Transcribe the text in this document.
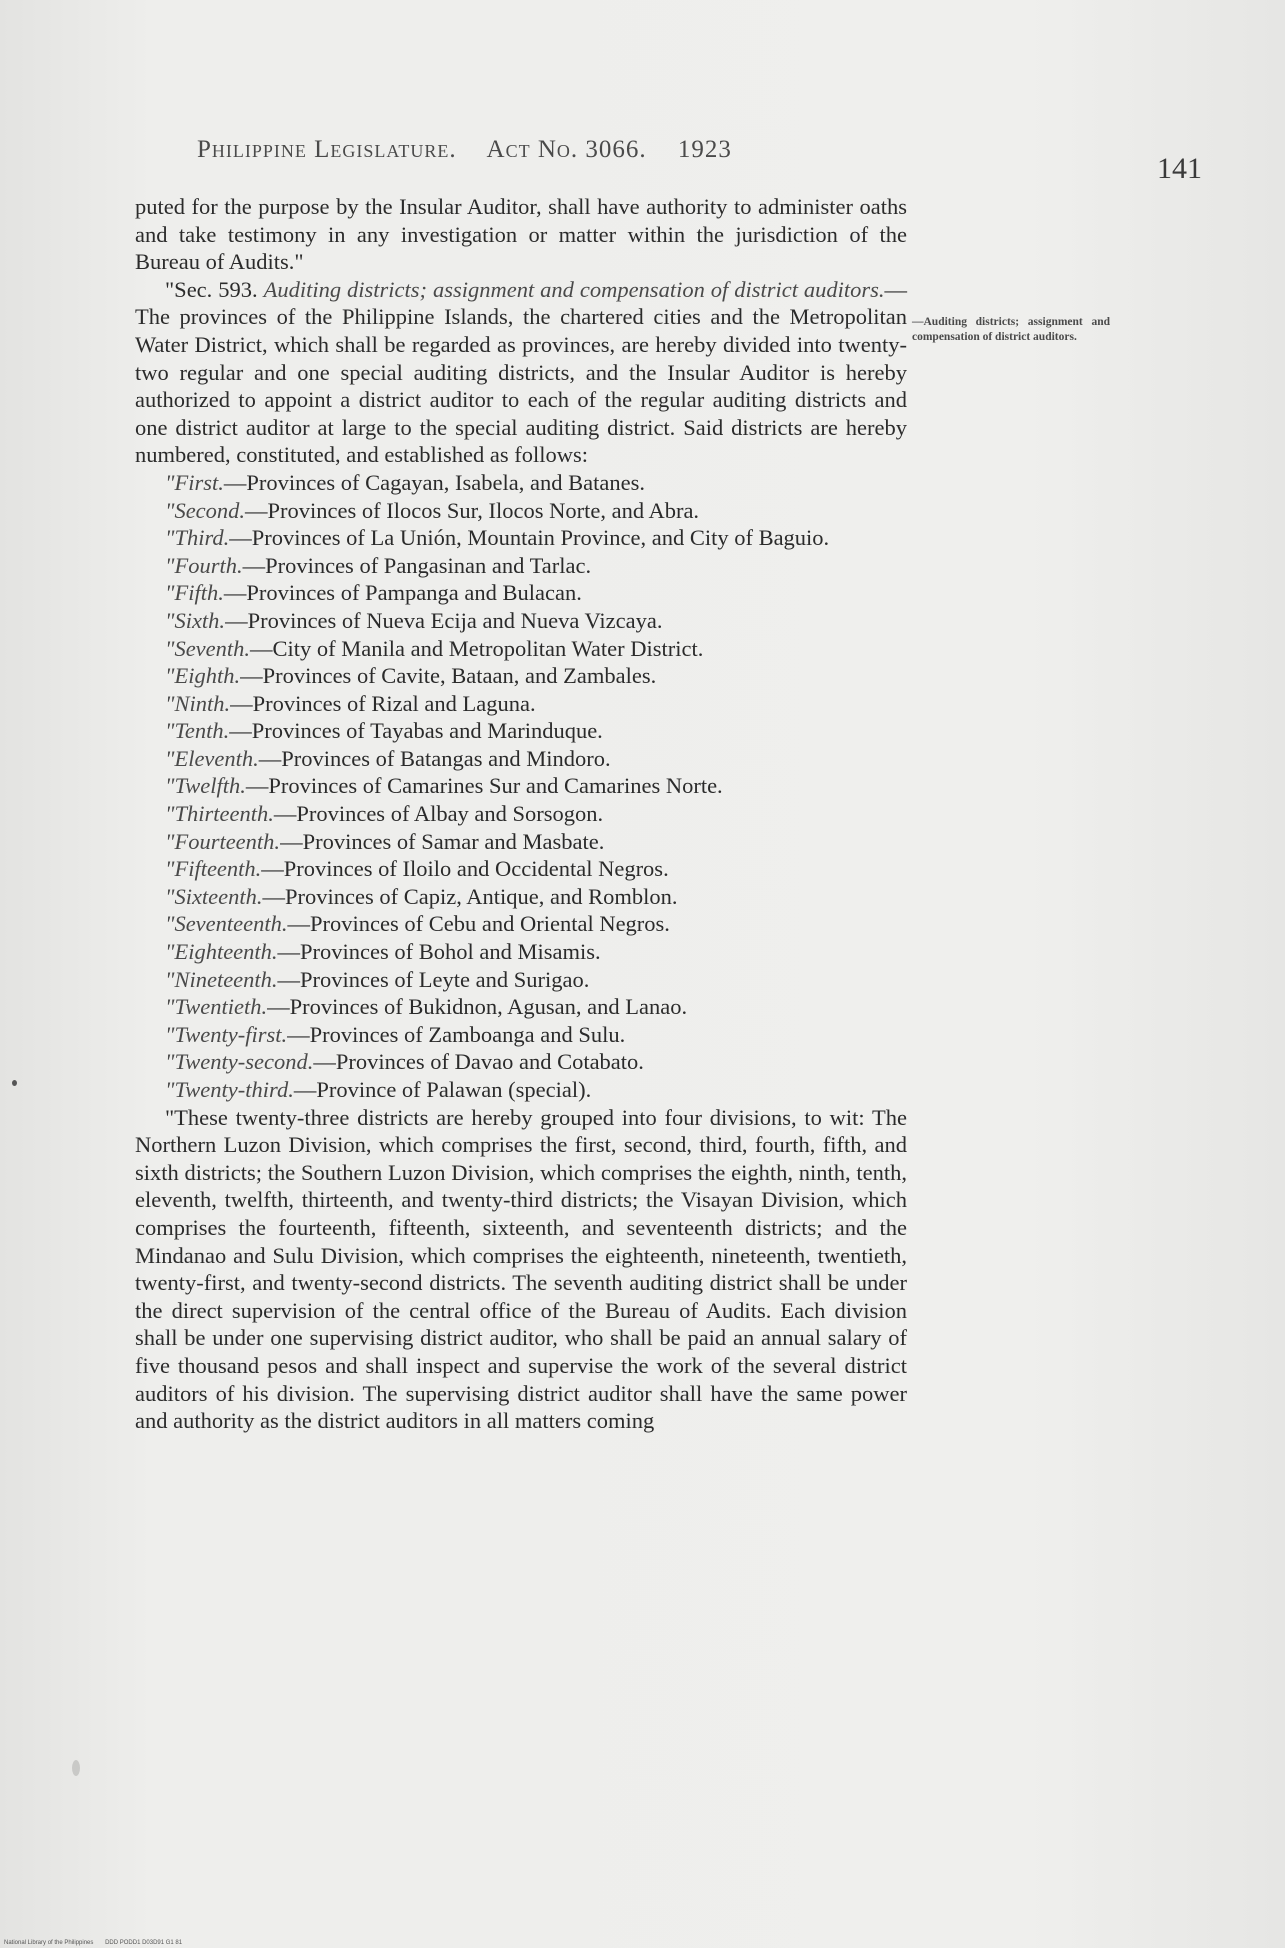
Philippine Legislature. Act No. 3066. 1923
141

puted for the purpose by the Insular Auditor, shall have authority to administer oaths and take testimony in any investigation or matter within the jurisdiction of the Bureau of Audits."

"Sec. 593. Auditing districts; assignment and compensation of district auditors.—The provinces of the Philippine Islands, the chartered cities and the Metropolitan Water District, which shall be regarded as provinces, are hereby divided into twenty-two regular and one special auditing districts, and the Insular Auditor is hereby authorized to appoint a district auditor to each of the regular auditing districts and one district auditor at large to the special auditing district. Said districts are hereby numbered, constituted, and established as follows:

"First.—Provinces of Cagayan, Isabela, and Batanes.

"Second.—Provinces of Ilocos Sur, Ilocos Norte, and Abra.

"Third.—Provinces of La Unión, Mountain Province, and City of Baguio.

"Fourth.—Provinces of Pangasinan and Tarlac.

"Fifth.—Provinces of Pampanga and Bulacan.

"Sixth.—Provinces of Nueva Ecija and Nueva Vizcaya.

"Seventh.—City of Manila and Metropolitan Water District.

"Eighth.—Provinces of Cavite, Bataan, and Zambales.

"Ninth.—Provinces of Rizal and Laguna.

"Tenth.—Provinces of Tayabas and Marinduque.

"Eleventh.—Provinces of Batangas and Mindoro.

"Twelfth.—Provinces of Camarines Sur and Camarines Norte.

"Thirteenth.—Provinces of Albay and Sorsogon.

"Fourteenth.—Provinces of Samar and Masbate.

"Fifteenth.—Provinces of Iloilo and Occidental Negros.

"Sixteenth.—Provinces of Capiz, Antique, and Romblon.

"Seventeenth.—Provinces of Cebu and Oriental Negros.

"Eighteenth.—Provinces of Bohol and Misamis.

"Nineteenth.—Provinces of Leyte and Surigao.

"Twentieth.—Provinces of Bukidnon, Agusan, and Lanao.

"Twenty-first.—Provinces of Zamboanga and Sulu.

"Twenty-second.—Provinces of Davao and Cotabato.

"Twenty-third.—Province of Palawan (special).

"These twenty-three districts are hereby grouped into four divisions, to wit: The Northern Luzon Division, which comprises the first, second, third, fourth, fifth, and sixth districts; the Southern Luzon Division, which comprises the eighth, ninth, tenth, eleventh, twelfth, thirteenth, and twenty-third districts; the Visayan Division, which comprises the fourteenth, fifteenth, sixteenth, and seventeenth districts; and the Mindanao and Sulu Division, which comprises the eighteenth, nineteenth, twentieth, twenty-first, and twenty-second districts. The seventh auditing district shall be under the direct supervision of the central office of the Bureau of Audits. Each division shall be under one supervising district auditor, who shall be paid an annual salary of five thousand pesos and shall inspect and supervise the work of the several district auditors of his division. The supervising district auditor shall have the same power and authority as the district auditors in all matters coming

—Auditing districts; assignment and compensation of district auditors.
National Library of the Philippines DDD PODD1 D03D91 G1 81
